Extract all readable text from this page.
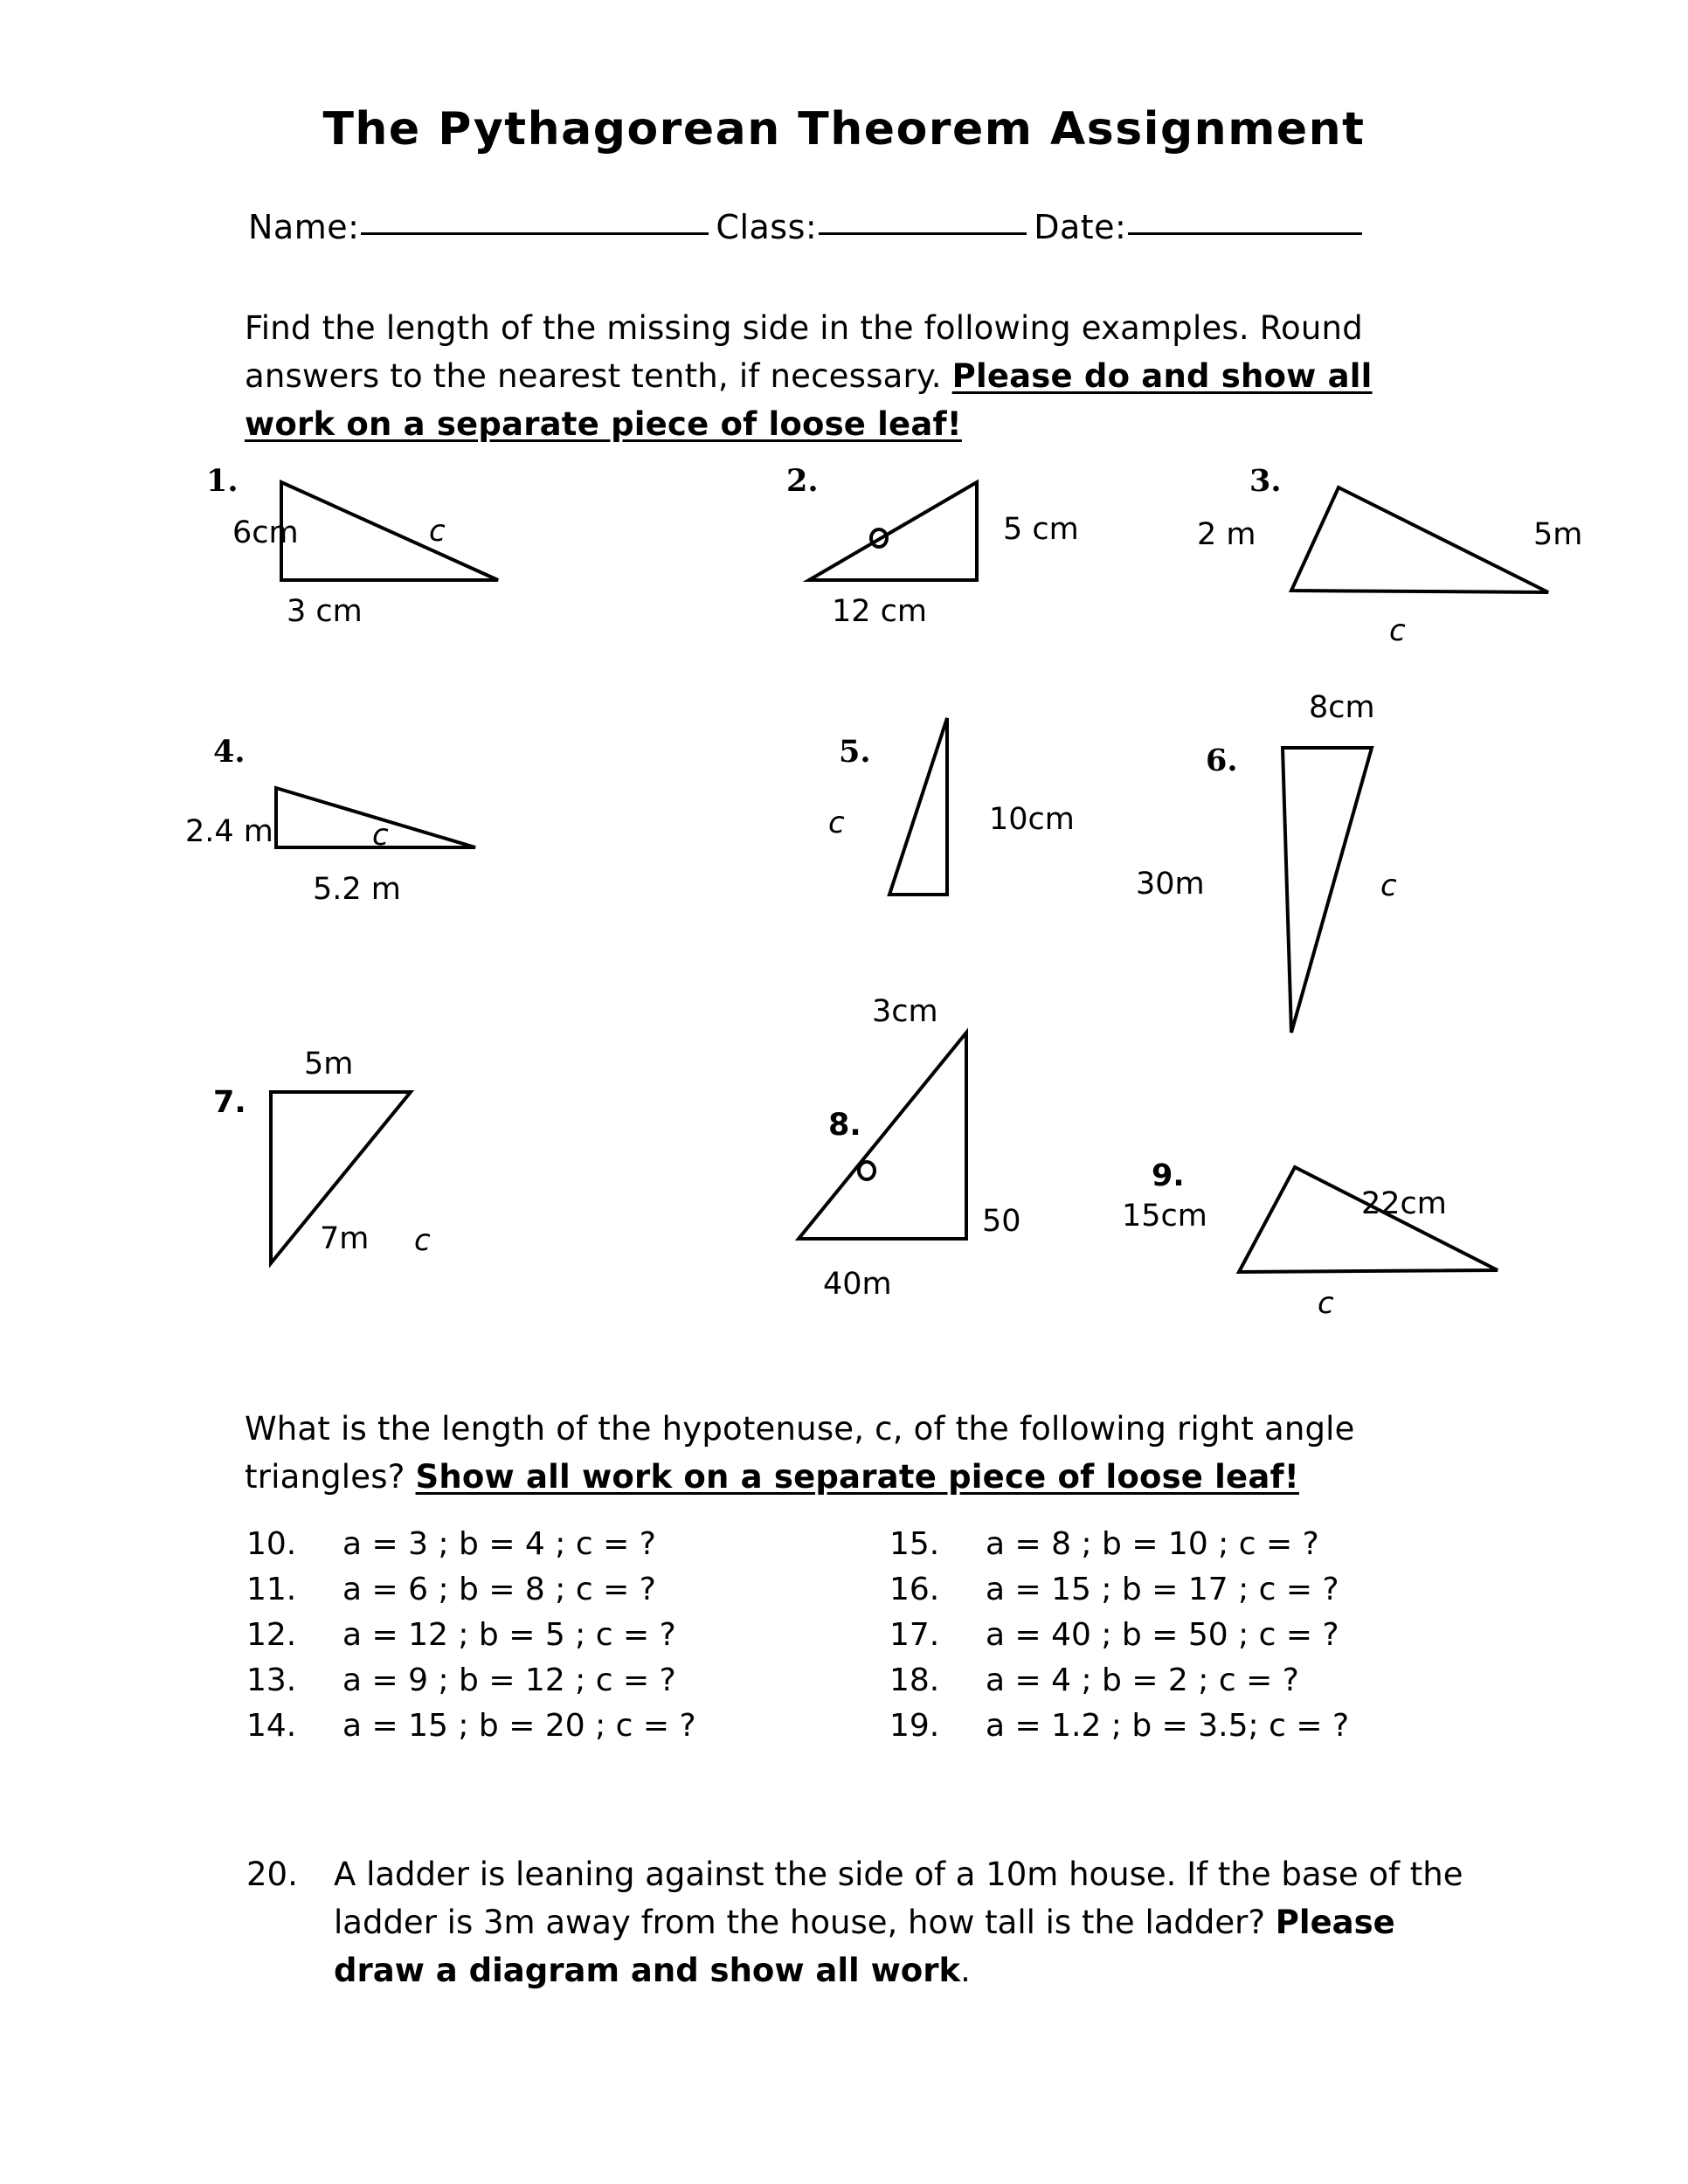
The Pythagorean Theorem Assignment
Name:	Class:	Date:
Find the length of the missing side in the following examples. Round answers to the nearest tenth, if necessary. Please do and show all work on a separate piece of loose leaf!
1.
6cm	c
3 cm
2.
5 cm
12 cm
3.
2 m	5m
c
4.
2.4 m	c
5.2 m
5.
c	10cm
6.
8cm
30m	c
7.
5m
7m c
8.
3cm
50
40m
9.
15cm	22cm
c
What is the length of the hypotenuse, c, of the following right angle triangles? Show all work on a separate piece of loose leaf!
10. a = 3 ; b = 4 ; c = ?
11. a = 6 ; b = 8 ; c = ?
12. a = 12 ; b = 5 ; c = ?
13. a = 9 ; b = 12 ; c = ?
14. a = 15 ; b = 20 ; c = ?
15. a = 8 ; b = 10 ; c = ?
16. a = 15 ; b = 17 ; c = ?
17. a = 40 ; b = 50 ; c = ?
18. a = 4 ; b = 2 ; c = ?
19. a = 1.2 ; b = 3.5; c = ?
20. A ladder is leaning against the side of a 10m house. If the base of the ladder is 3m away from the house, how tall is the ladder? Please draw a diagram and show all work.
